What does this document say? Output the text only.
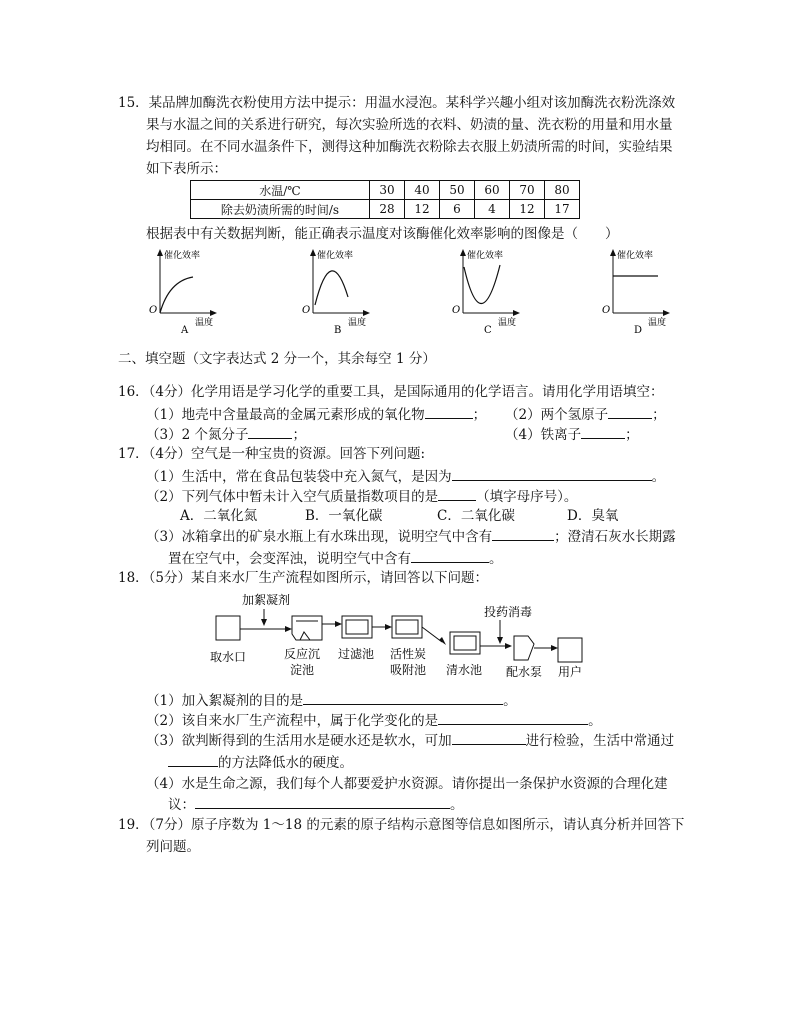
15．某品牌加酶洗衣粉使用方法中提示：用温水浸泡。某科学兴趣小组对该加酶洗衣粉洗涤效
果与水温之间的关系进行研究，每次实验所选的衣料、奶渍的量、洗衣粉的用量和用水量
均相同。在不同水温条件下，测得这种加酶洗衣粉除去衣服上奶渍所需的时间，实验结果
如下表所示：
水温/℃	30	40	50	60	70	80
除去奶渍所需的时间/s	28	12	6	4	12	17
根据表中有关数据判断，能正确表示温度对该酶催化效率影响的图像是（　　）
催化效率
O
温度
A
催化效率
O
温度
B
催化效率
O
温度
C
催化效率
O
温度
D
二、填空题（文字表达式 2 分一个，其余每空 1 分）
16．（4分）化学用语是学习化学的重要工具，是国际通用的化学语言。请用化学用语填空：
（1）地壳中含量最高的金属元素形成的氧化物	； （2）两个氢原子	；
（3）2 个氮分子	；	（4）铁离子	；
17．（4分）空气是一种宝贵的资源。回答下列问题:
（1）生活中，常在食品包装袋中充入氮气，是因为	。
（2）下列气体中暂未计入空气质量指数项目的是	（填字母序号）。
A．二氧化氮	B．一氧化碳	C．二氧化碳	D．臭氧
（3）冰箱拿出的矿泉水瓶上有水珠出现，说明空气中含有	；澄清石灰水长期露
置在空气中，会变浑浊，说明空气中含有	。
18．（5分）某自来水厂生产流程如图所示，请回答以下问题：
加絮凝剂
取水口	反应沉
淀池
过滤池 活性炭
吸附池 清水池
投药消毒
配水泵 用户
（1）加入絮凝剂的目的是	。
（2）该自来水厂生产流程中，属于化学变化的是	。
（3）欲判断得到的生活用水是硬水还是软水，可加	进行检验，生活中常通过
的方法降低水的硬度。
（4）水是生命之源，我们每个人都要爱护水资源。请你提出一条保护水资源的合理化建
议：	。
19．（7分）原子序数为 1～18 的元素的原子结构示意图等信息如图所示，请认真分析并回答下
列问题。
